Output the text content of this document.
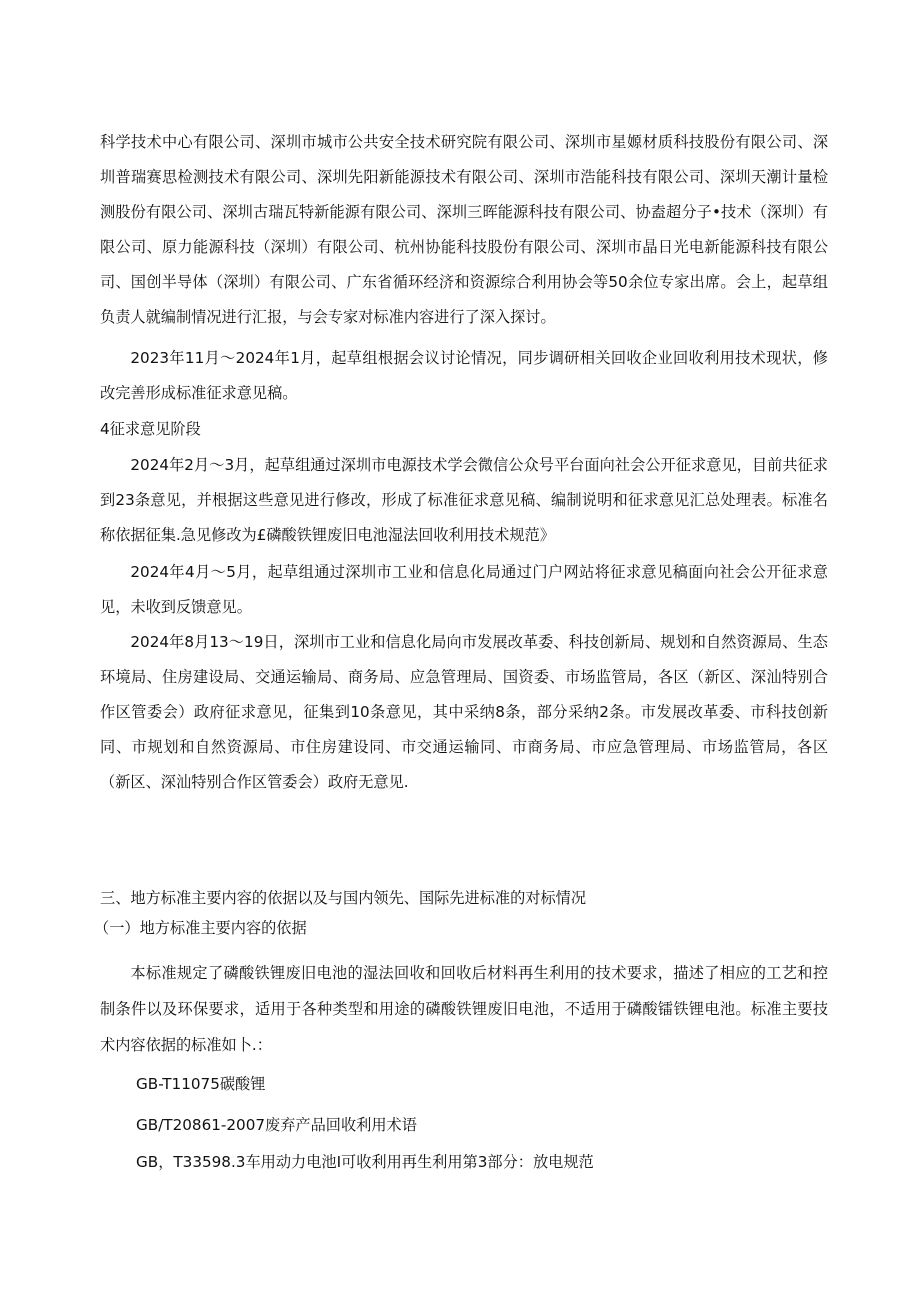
科学技术中心有限公司、深圳市城市公共安全技术研究院有限公司、深圳市星嫄材质科技股份有限公司、深圳普瑞赛思检测技术有限公司、深圳先阳新能源技术有限公司、深圳市浩能科技有限公司、深圳天潮计量检测股份有限公司、深圳古瑞瓦特新能源有限公司、深圳三晖能源科技有限公司、协盍超分子•技术（深圳）有限公司、原力能源科技（深圳）有限公司、杭州协能科技股份有限公司、深圳市晶日光电新能源科技有限公司、国创半导体（深圳）有限公司、广东省循环经济和资源综合利用协会等50余位专家出席。会上，起草组负责人就编制情况进行汇报，与会专家对标准内容进行了深入探讨。

2023年11月～2024年1月，起草组根据会议讨论情况，同步调研相关回收企业回收利用技术现状，修改完善形成标准征求意见稿。

4征求意见阶段

2024年2月～3月，起草组通过深圳市电源技术学会微信公众号平台面向社会公开征求意见，目前共征求到23条意见，并根据这些意见进行修改，形成了标准征求意见稿、编制说明和征求意见汇总处理表。标准名称依据征集.急见修改为£磷酸铁锂废旧电池湿法回收利用技术规范》

2024年4月～5月，起草组通过深圳市工业和信息化局通过门户网站将征求意见稿面向社会公开征求意见，未收到反馈意见。

2024年8月13〜19日，深圳市工业和信息化局向市发展改革委、科技创新局、规划和自然资源局、生态环境局、住房建设局、交通运输局、商务局、应急管理局、国资委、市场监管局，各区（新区、深汕特别合作区管委会）政府征求意见，征集到10条意见，其中采纳8条，部分采纳2条。市发展改革委、市科技创新同、市规划和自然资源局、市住房建设同、市交通运输同、市商务局、市应急管理局、市场监管局，各区（新区、深汕特别合作区管委会）政府无意见.

三、地方标准主要内容的依据以及与国内领先、国际先进标准的对标情况

（一）地方标准主要内容的依据

本标准规定了磷酸铁锂废旧电池的湿法回收和回收后材料再生利用的技术要求，描述了相应的工艺和控制条件以及环保要求，适用于各种类型和用途的磷酸铁锂废旧电池，不适用于磷酸镭铁锂电池。标准主要技术内容依据的标准如卜.：

GB-T11075碳酸锂

GB/T20861-2007废弃产品回收利用术语

GB，T33598.3车用动力电池I可收利用再生利用第3部分：放电规范
